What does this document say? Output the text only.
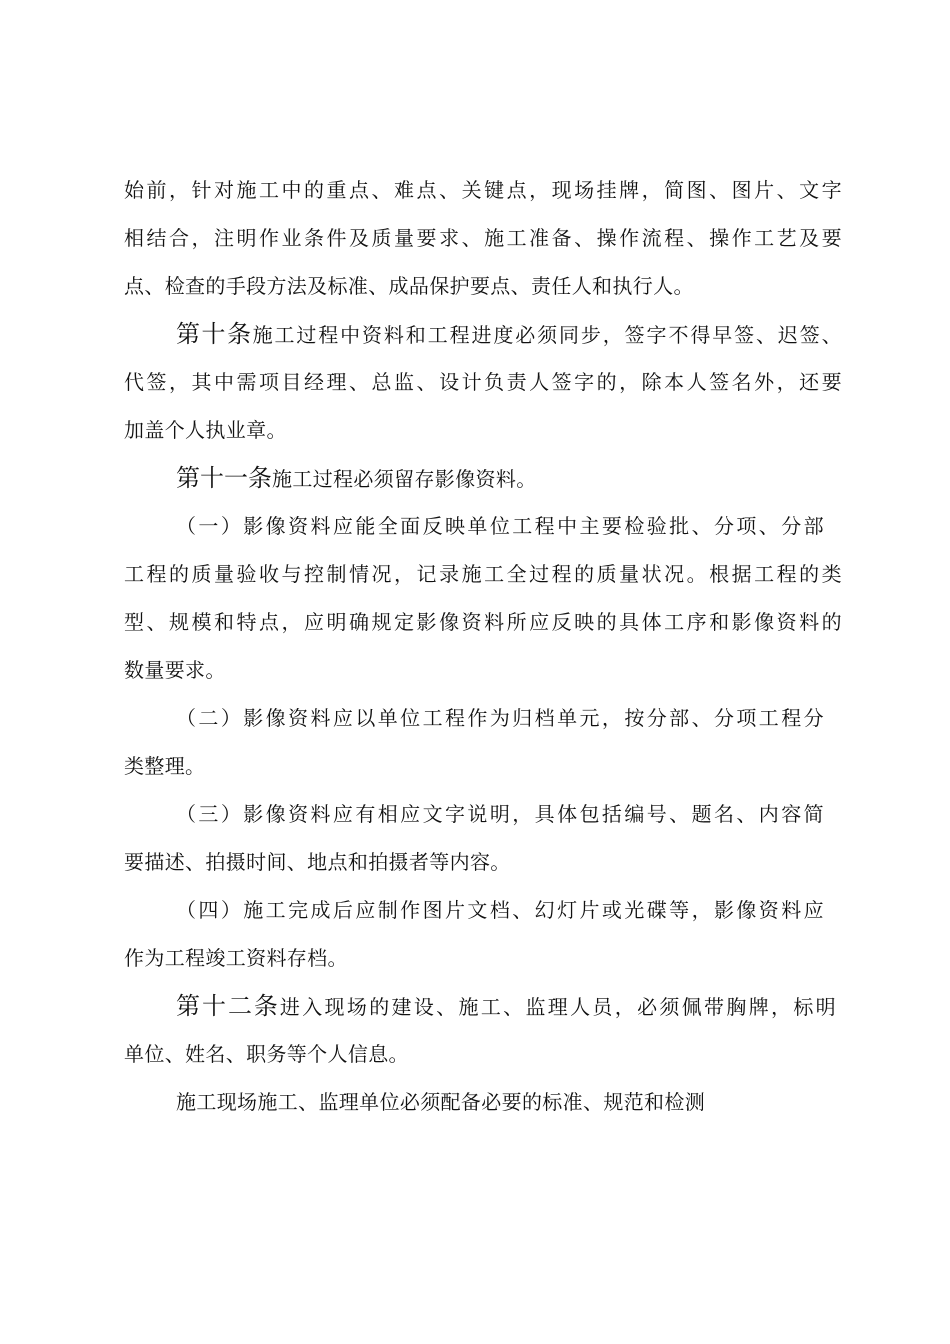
始前，针对施工中的重点、难点、关键点，现场挂牌，简图、图片、文字
相结合，注明作业条件及质量要求、施工准备、操作流程、操作工艺及要
点、检查的手段方法及标准、成品保护要点、责任人和执行人。
第十条施工过程中资料和工程进度必须同步，签字不得早签、迟签、
代签，其中需项目经理、总监、设计负责人签字的，除本人签名外，还要
加盖个人执业章。
第十一条施工过程必须留存影像资料。
（一）影像资料应能全面反映单位工程中主要检验批、分项、分部
工程的质量验收与控制情况，记录施工全过程的质量状况。根据工程的类
型、规模和特点，应明确规定影像资料所应反映的具体工序和影像资料的
数量要求。
（二）影像资料应以单位工程作为归档单元，按分部、分项工程分
类整理。
（三）影像资料应有相应文字说明，具体包括编号、题名、内容简
要描述、拍摄时间、地点和拍摄者等内容。
（四）施工完成后应制作图片文档、幻灯片或光碟等，影像资料应
作为工程竣工资料存档。
第十二条进入现场的建设、施工、监理人员，必须佩带胸牌，标明
单位、姓名、职务等个人信息。
施工现场施工、监理单位必须配备必要的标准、规范和检测
